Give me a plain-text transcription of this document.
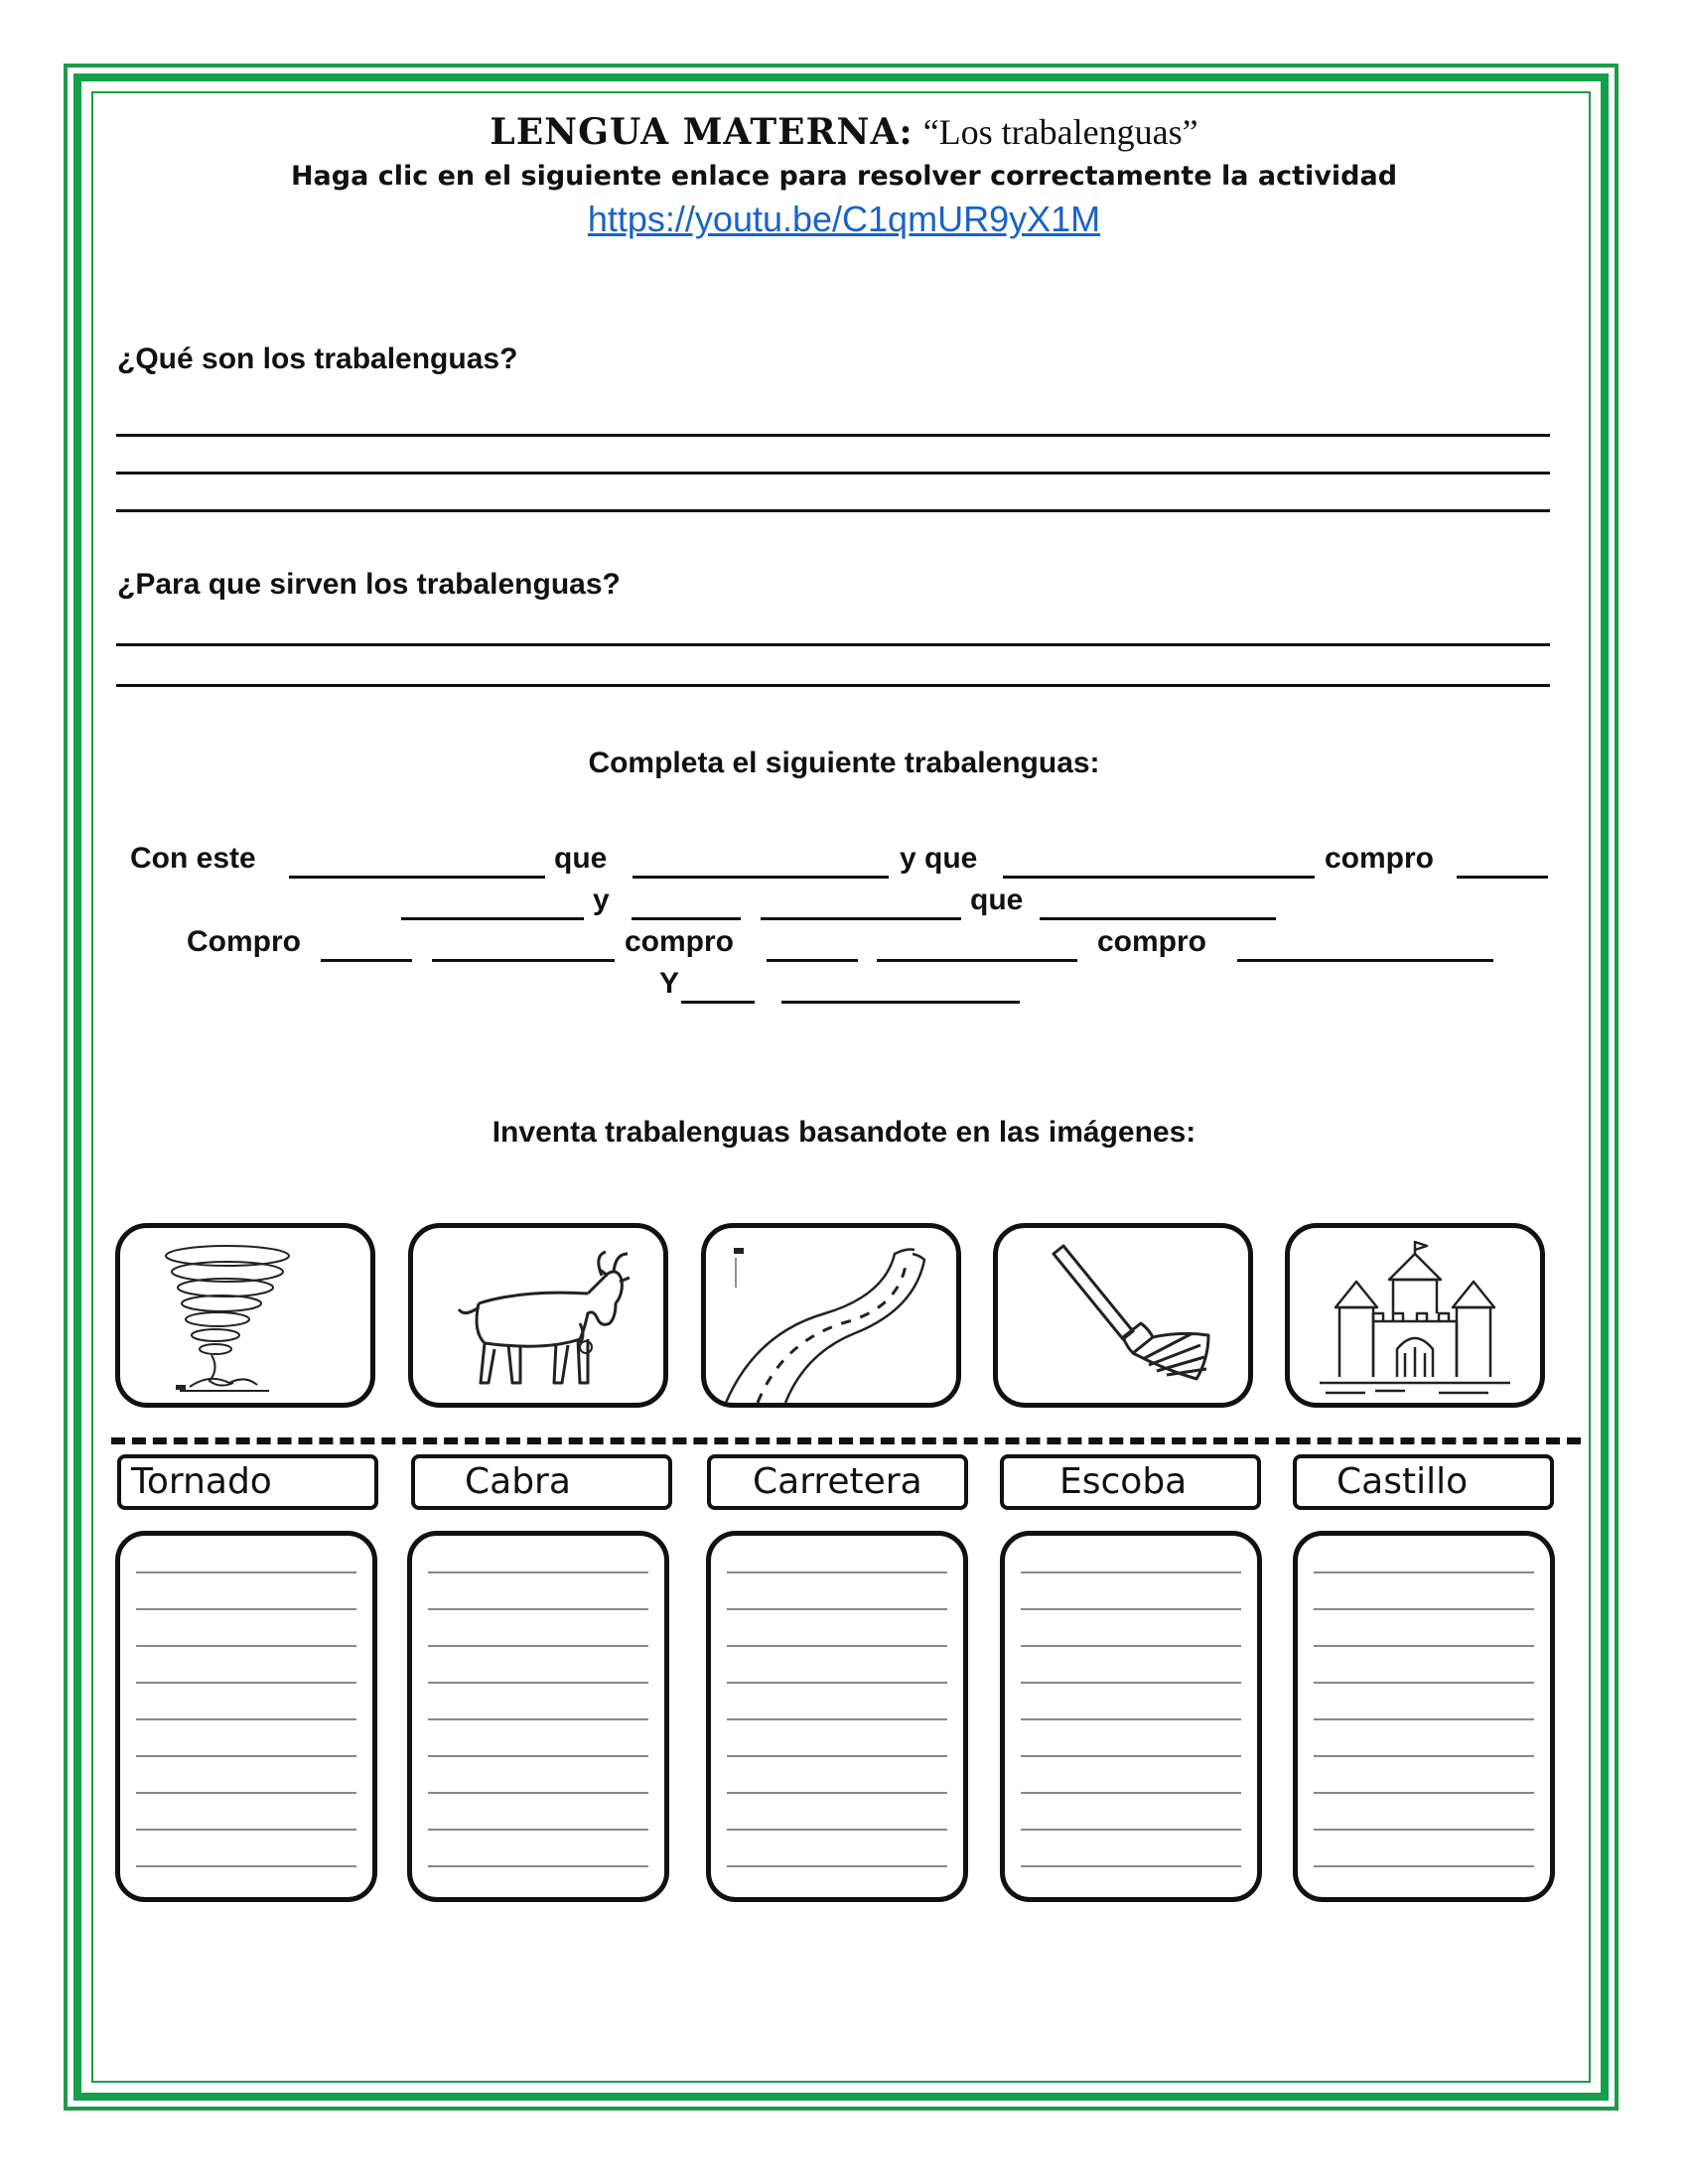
LENGUA MATERNA: “Los trabalenguas”
Haga clic en el siguiente enlace para resolver correctamente la actividad
https://youtu.be/C1qmUR9yX1M
¿Qué son los trabalenguas?
¿Para que sirven los trabalenguas?
Completa el siguiente trabalenguas:
Con este	que	y que	compro
y	que
Compro	compro	compro
Y
Inventa trabalenguas basandote en las imágenes:
Tornado	Cabra	Carretera	Escoba	Castillo
